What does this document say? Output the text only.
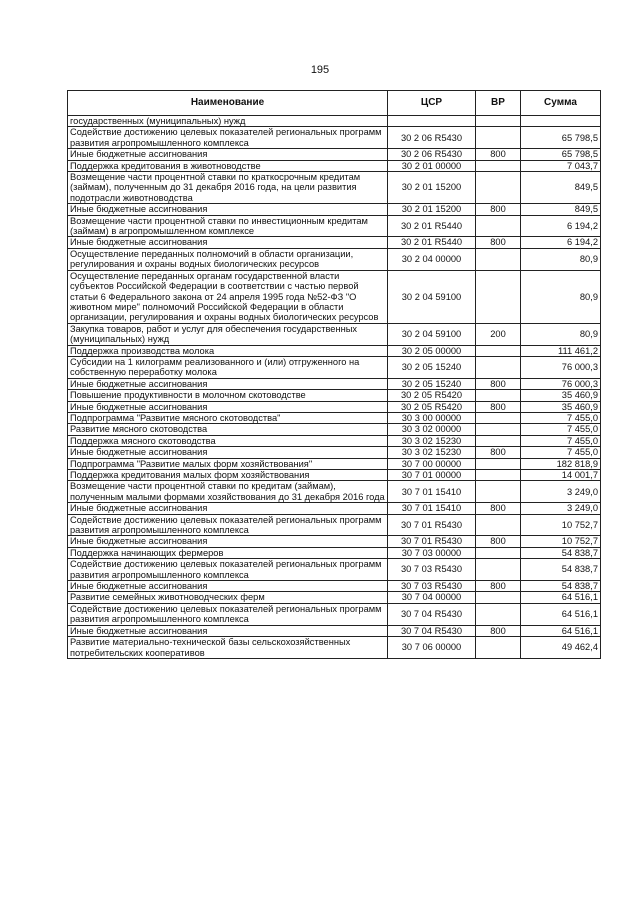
195
Наименование	ЦСР	ВР	Сумма
государственных (муниципальных) нужд			
Содействие достижению целевых показателей региональных программ развития агропромышленного комплекса	30 2 06 R5430		65 798,5
Иные бюджетные ассигнования	30 2 06 R5430	800	65 798,5
Поддержка кредитования в животноводстве	30 2 01 00000		7 043,7
Возмещение части процентной ставки по краткосрочным кредитам (займам), полученным до 31 декабря 2016 года, на цели развития подотрасли животноводства	30 2 01 15200		849,5
Иные бюджетные ассигнования	30 2 01 15200	800	849,5
Возмещение части процентной ставки по инвестиционным кредитам (займам) в агропромышленном комплексе	30 2 01 R5440		6 194,2
Иные бюджетные ассигнования	30 2 01 R5440	800	6 194,2
Осуществление переданных полномочий в области организации, регулирования и охраны водных биологических ресурсов	30 2 04 00000		80,9
Осуществление переданных органам государственной власти субъектов Российской Федерации в соответствии с частью первой статьи 6 Федерального закона от 24 апреля 1995 года №52-ФЗ "О животном мире" полномочий Российской Федерации в области организации, регулирования и охраны водных биологических ресурсов	30 2 04 59100		80,9
Закупка товаров, работ и услуг для обеспечения государственных (муниципальных) нужд	30 2 04 59100	200	80,9
Поддержка производства молока	30 2 05 00000		111 461,2
Субсидии на 1 килограмм реализованного и (или) отгруженного на собственную переработку молока	30 2 05 15240		76 000,3
Иные бюджетные ассигнования	30 2 05 15240	800	76 000,3
Повышение продуктивности в молочном скотоводстве	30 2 05 R5420		35 460,9
Иные бюджетные ассигнования	30 2 05 R5420	800	35 460,9
Подпрограмма "Развитие мясного скотоводства"	30 3 00 00000		7 455,0
Развитие мясного скотоводства	30 3 02 00000		7 455,0
Поддержка мясного скотоводства	30 3 02 15230		7 455,0
Иные бюджетные ассигнования	30 3 02 15230	800	7 455,0
Подпрограмма "Развитие малых форм хозяйствования"	30 7 00 00000		182 818,9
Поддержка кредитования малых форм хозяйствования	30 7 01 00000		14 001,7
Возмещение части процентной ставки по кредитам (займам), полученным малыми формами хозяйствования до 31 декабря 2016 года	30 7 01 15410		3 249,0
Иные бюджетные ассигнования	30 7 01 15410	800	3 249,0
Содействие достижению целевых показателей региональных программ развития агропромышленного комплекса	30 7 01 R5430		10 752,7
Иные бюджетные ассигнования	30 7 01 R5430	800	10 752,7
Поддержка начинающих фермеров	30 7 03 00000		54 838,7
Содействие достижению целевых показателей региональных программ развития агропромышленного комплекса	30 7 03 R5430		54 838,7
Иные бюджетные ассигнования	30 7 03 R5430	800	54 838,7
Развитие семейных животноводческих ферм	30 7 04 00000		64 516,1
Содействие достижению целевых показателей региональных программ развития агропромышленного комплекса	30 7 04 R5430		64 516,1
Иные бюджетные ассигнования	30 7 04 R5430	800	64 516,1
Развитие материально-технической базы сельскохозяйственных потребительских кооперативов	30 7 06 00000		49 462,4
